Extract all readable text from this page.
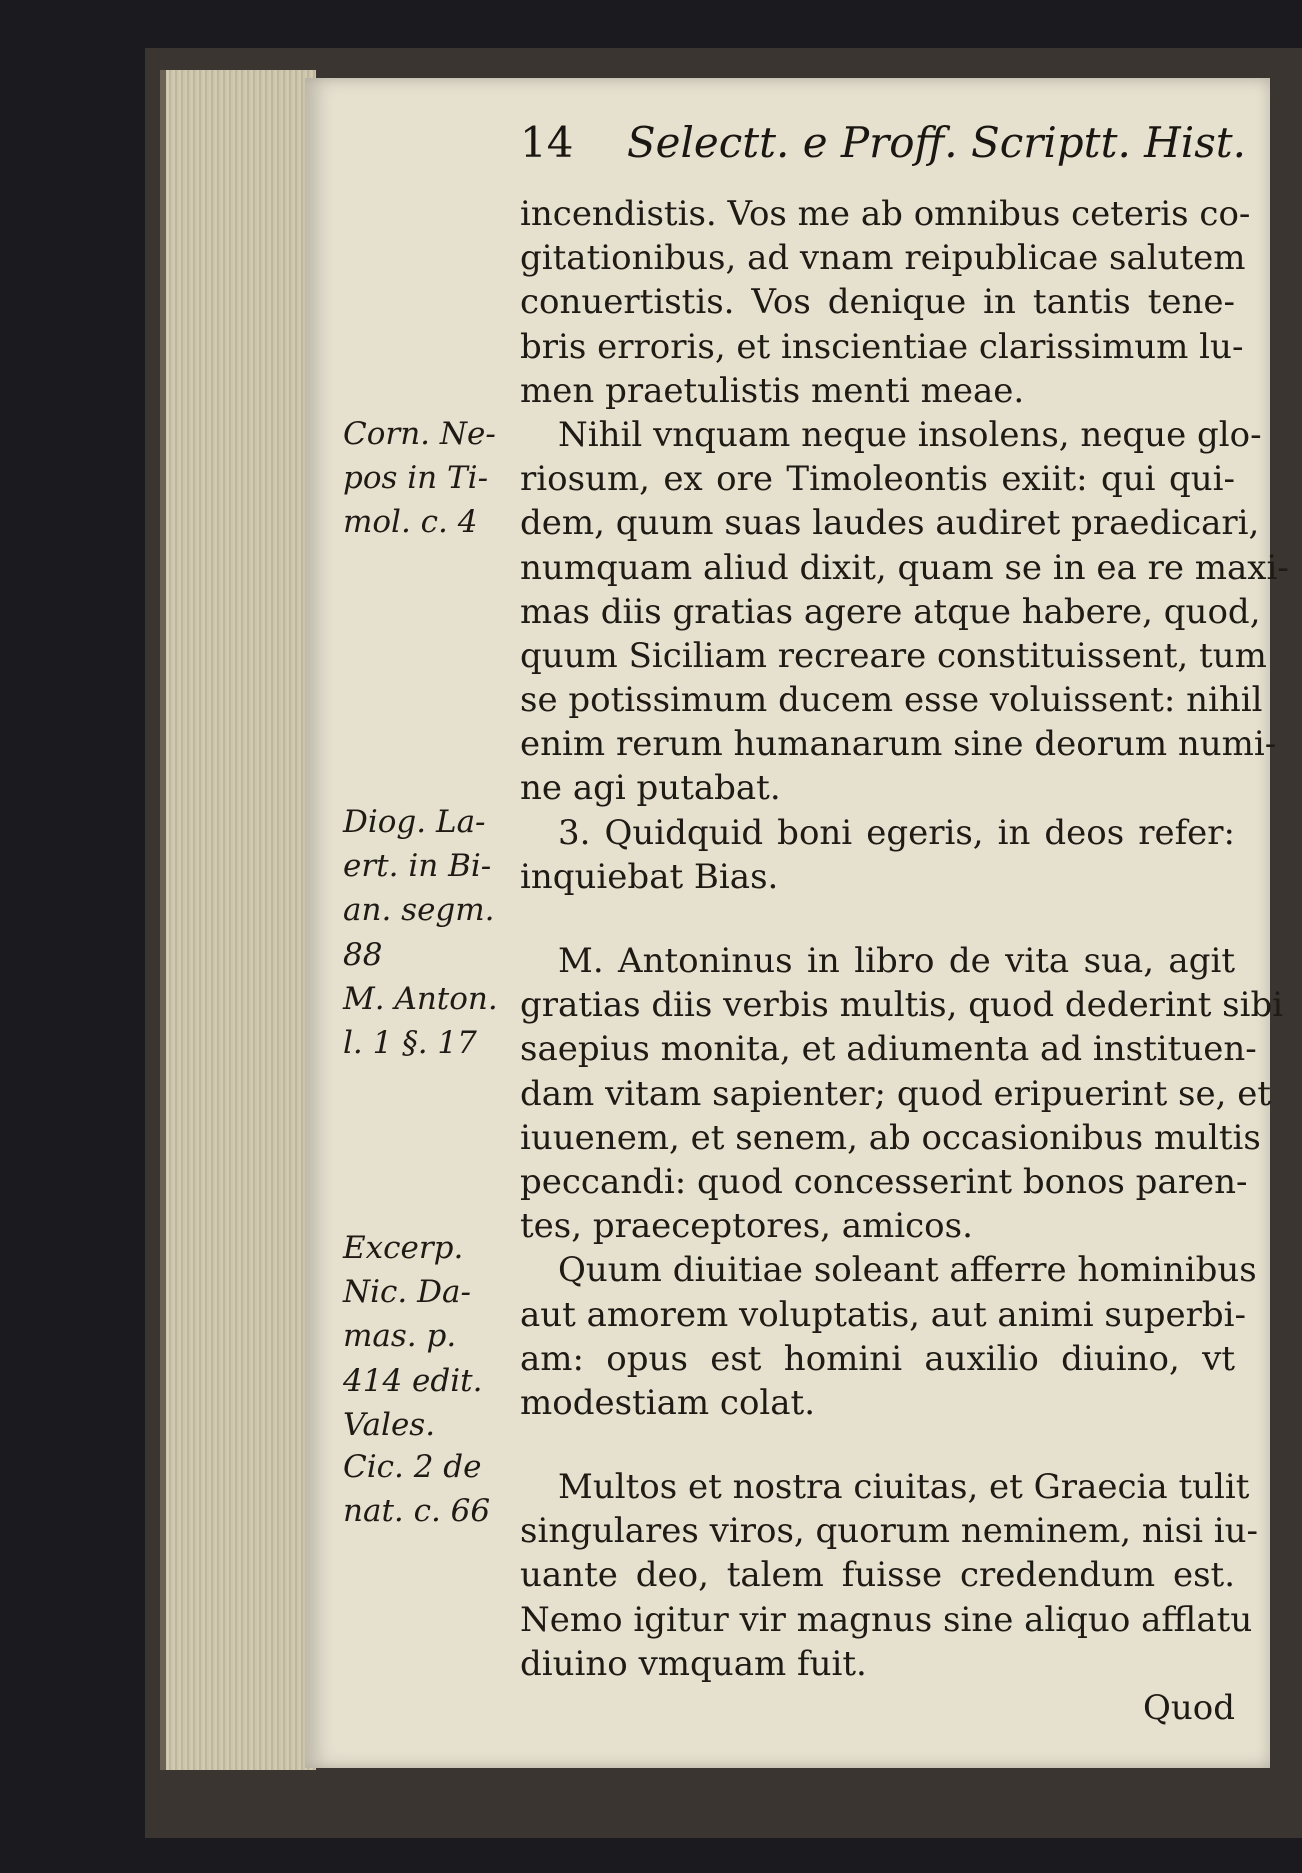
14 Selectt. e Proff. Scriptt. Hist.
incendistis. Vos me ab omnibus ceteris co-
gitationibus, ad vnam reipublicae salutem
conuertistis. Vos denique in tantis tene-
bris erroris, et inscientiae clarissimum lu-
men praetulistis menti meae.
Nihil vnquam neque insolens, neque glo-
riosum, ex ore Timoleontis exiit: qui qui-
dem, quum suas laudes audiret praedicari,
numquam aliud dixit, quam se in ea re maxi-
mas diis gratias agere atque habere, quod,
quum Siciliam recreare constituissent, tum
se potissimum ducem esse voluissent: nihil
enim rerum humanarum sine deorum numi-
ne agi putabat.
3. Quidquid boni egeris, in deos refer:
inquiebat Bias.
M. Antoninus in libro de vita sua, agit
gratias diis verbis multis, quod dederint sibi
saepius monita, et adiumenta ad instituen-
dam vitam sapienter; quod eripuerint se, et
iuuenem, et senem, ab occasionibus multis
peccandi: quod concesserint bonos paren-
tes, praeceptores, amicos.
Quum diuitiae soleant afferre hominibus
aut amorem voluptatis, aut animi superbi-
am: opus est homini auxilio diuino, vt
modestiam colat.
Multos et nostra ciuitas, et Graecia tulit
singulares viros, quorum neminem, nisi iu-
uante deo, talem fuisse credendum est.
Nemo igitur vir magnus sine aliquo afflatu
diuino vmquam fuit.
Quod
Corn. Ne-
pos in Ti-
mol. c. 4
Diog. La-
ert. in Bi-
an. segm.
88
M. Anton.
l. 1 §. 17
Excerp.
Nic. Da-
mas. p.
414 edit.
Vales.
Cic. 2 de
nat. c. 66
